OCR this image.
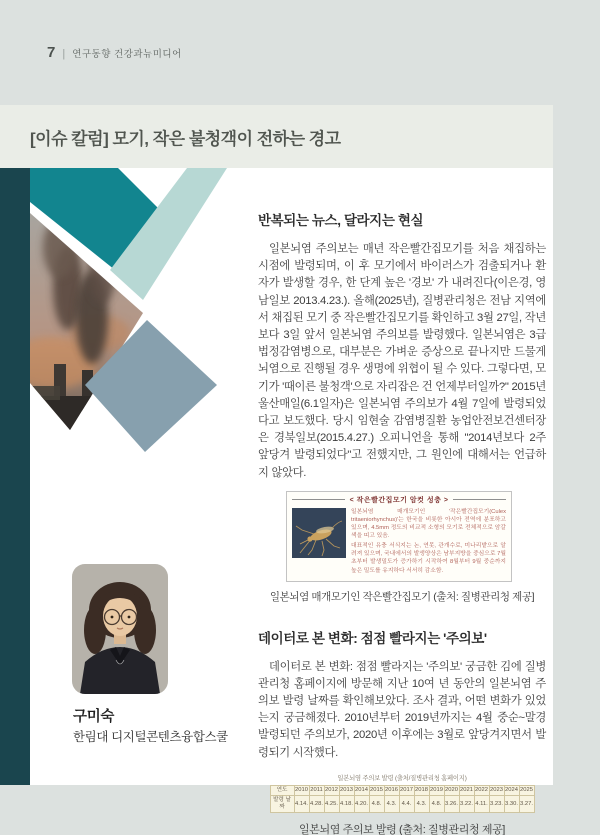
7 | 연구동향 건강과뉴미디어
[이슈 칼럼] 모기, 작은 불청객이 전하는 경고
구미숙
한림대 디지털콘텐츠융합스쿨
반복되는 뉴스, 달라지는 현실

일본뇌염 주의보는 매년 작은빨간집모기를 처음 채집하는 시점에 발령되며, 이 후 모기에서 바이러스가 검출되거나 환자가 발생할 경우, 한 단계 높은 '경보' 가 내려진다(이은경, 영남일보 2013.4.23.). 올해(2025년), 질병관리청은 전남 지역에서 채집된 모기 중 작은빨간집모기를 확인하고 3월 27일, 작년보다 3일 앞서 일본뇌염 주의보를 발령했다. 일본뇌염은 3급 법정감염병으로, 대부분은 가벼운 증상으로 끝나지만 드물게 뇌염으로 진행될 경우 생명에 위협이 될 수 있다. 그렇다면, 모기가 '때이른 불청객'으로 자리잡은 건 언제부터일까?" 2015년 울산매일(6.1일자)은 일본뇌염 주의보가 4월 7일에 발령되었다고 보도했다. 당시 임현술 감염병질환 농업안전보건센터장은 경북일보(2015.4.27.) 오피니언을 통해 "2014년보다 2주 앞당겨 발령되었다"고 전했지만, 그 원인에 대해서는 언급하지 않았다.

< 작은빨간집모기 암컷 성충 >

일본뇌염 매개모기인 '작은빨간집모기(Culex tritaeniorhynchus)'는 한국을 비롯한 아시아 전역에 분포하고 있으며, 4.5mm 정도의 비교적 소형의 모기로 전체적으로 암갈색을 띠고 있음.

대표적인 유충 서식지는 논, 연못, 관개수로, 미나리밭으로 알려져 있으며, 국내에서의 발생양상은 남부지방을 중심으로 7월초부터 발생밀도가 증가하기 시작하여 8월부터 9월 중순까지 높은 밀도를 유지하다 서서히 감소함.

일본뇌염 매개모기인 작은빨간집모기 (출처: 질병관리청 제공]
데이터로 본 변화: 점점 빨라지는 '주의보'

데이터로 본 변화: 점점 빨라지는 '주의보' 궁금한 김에 질병관리청 홈페이지에 방문해 지난 10여 년 동안의 일본뇌염 주의보 발령 날짜를 확인해보았다. 조사 결과, 어떤 변화가 있었는지 궁금해졌다. 2010년부터 2019년까지는 4월 중순~말경 발령되던 주의보가, 2020년 이후에는 3월로 앞당겨지면서 발령되기 시작했다.

일본뇌염 주의보 발령 (출처/질병관리청 홈페이지)
연도	2010	2011	2012	2013	2014	2015	2016	2017	2018	2019	2020	2021	2022	2023	2024	2025
발령 날짜	4.14.	4.28.	4.25.	4.18.	4.20.	4.8.	4.3.	4.4.	4.3.	4.8.	3.26.	3.22.	4.11.	3.23.	3.30.	3.27.
일본뇌염 주의보 발령 (출처: 질병관리청 제공]
